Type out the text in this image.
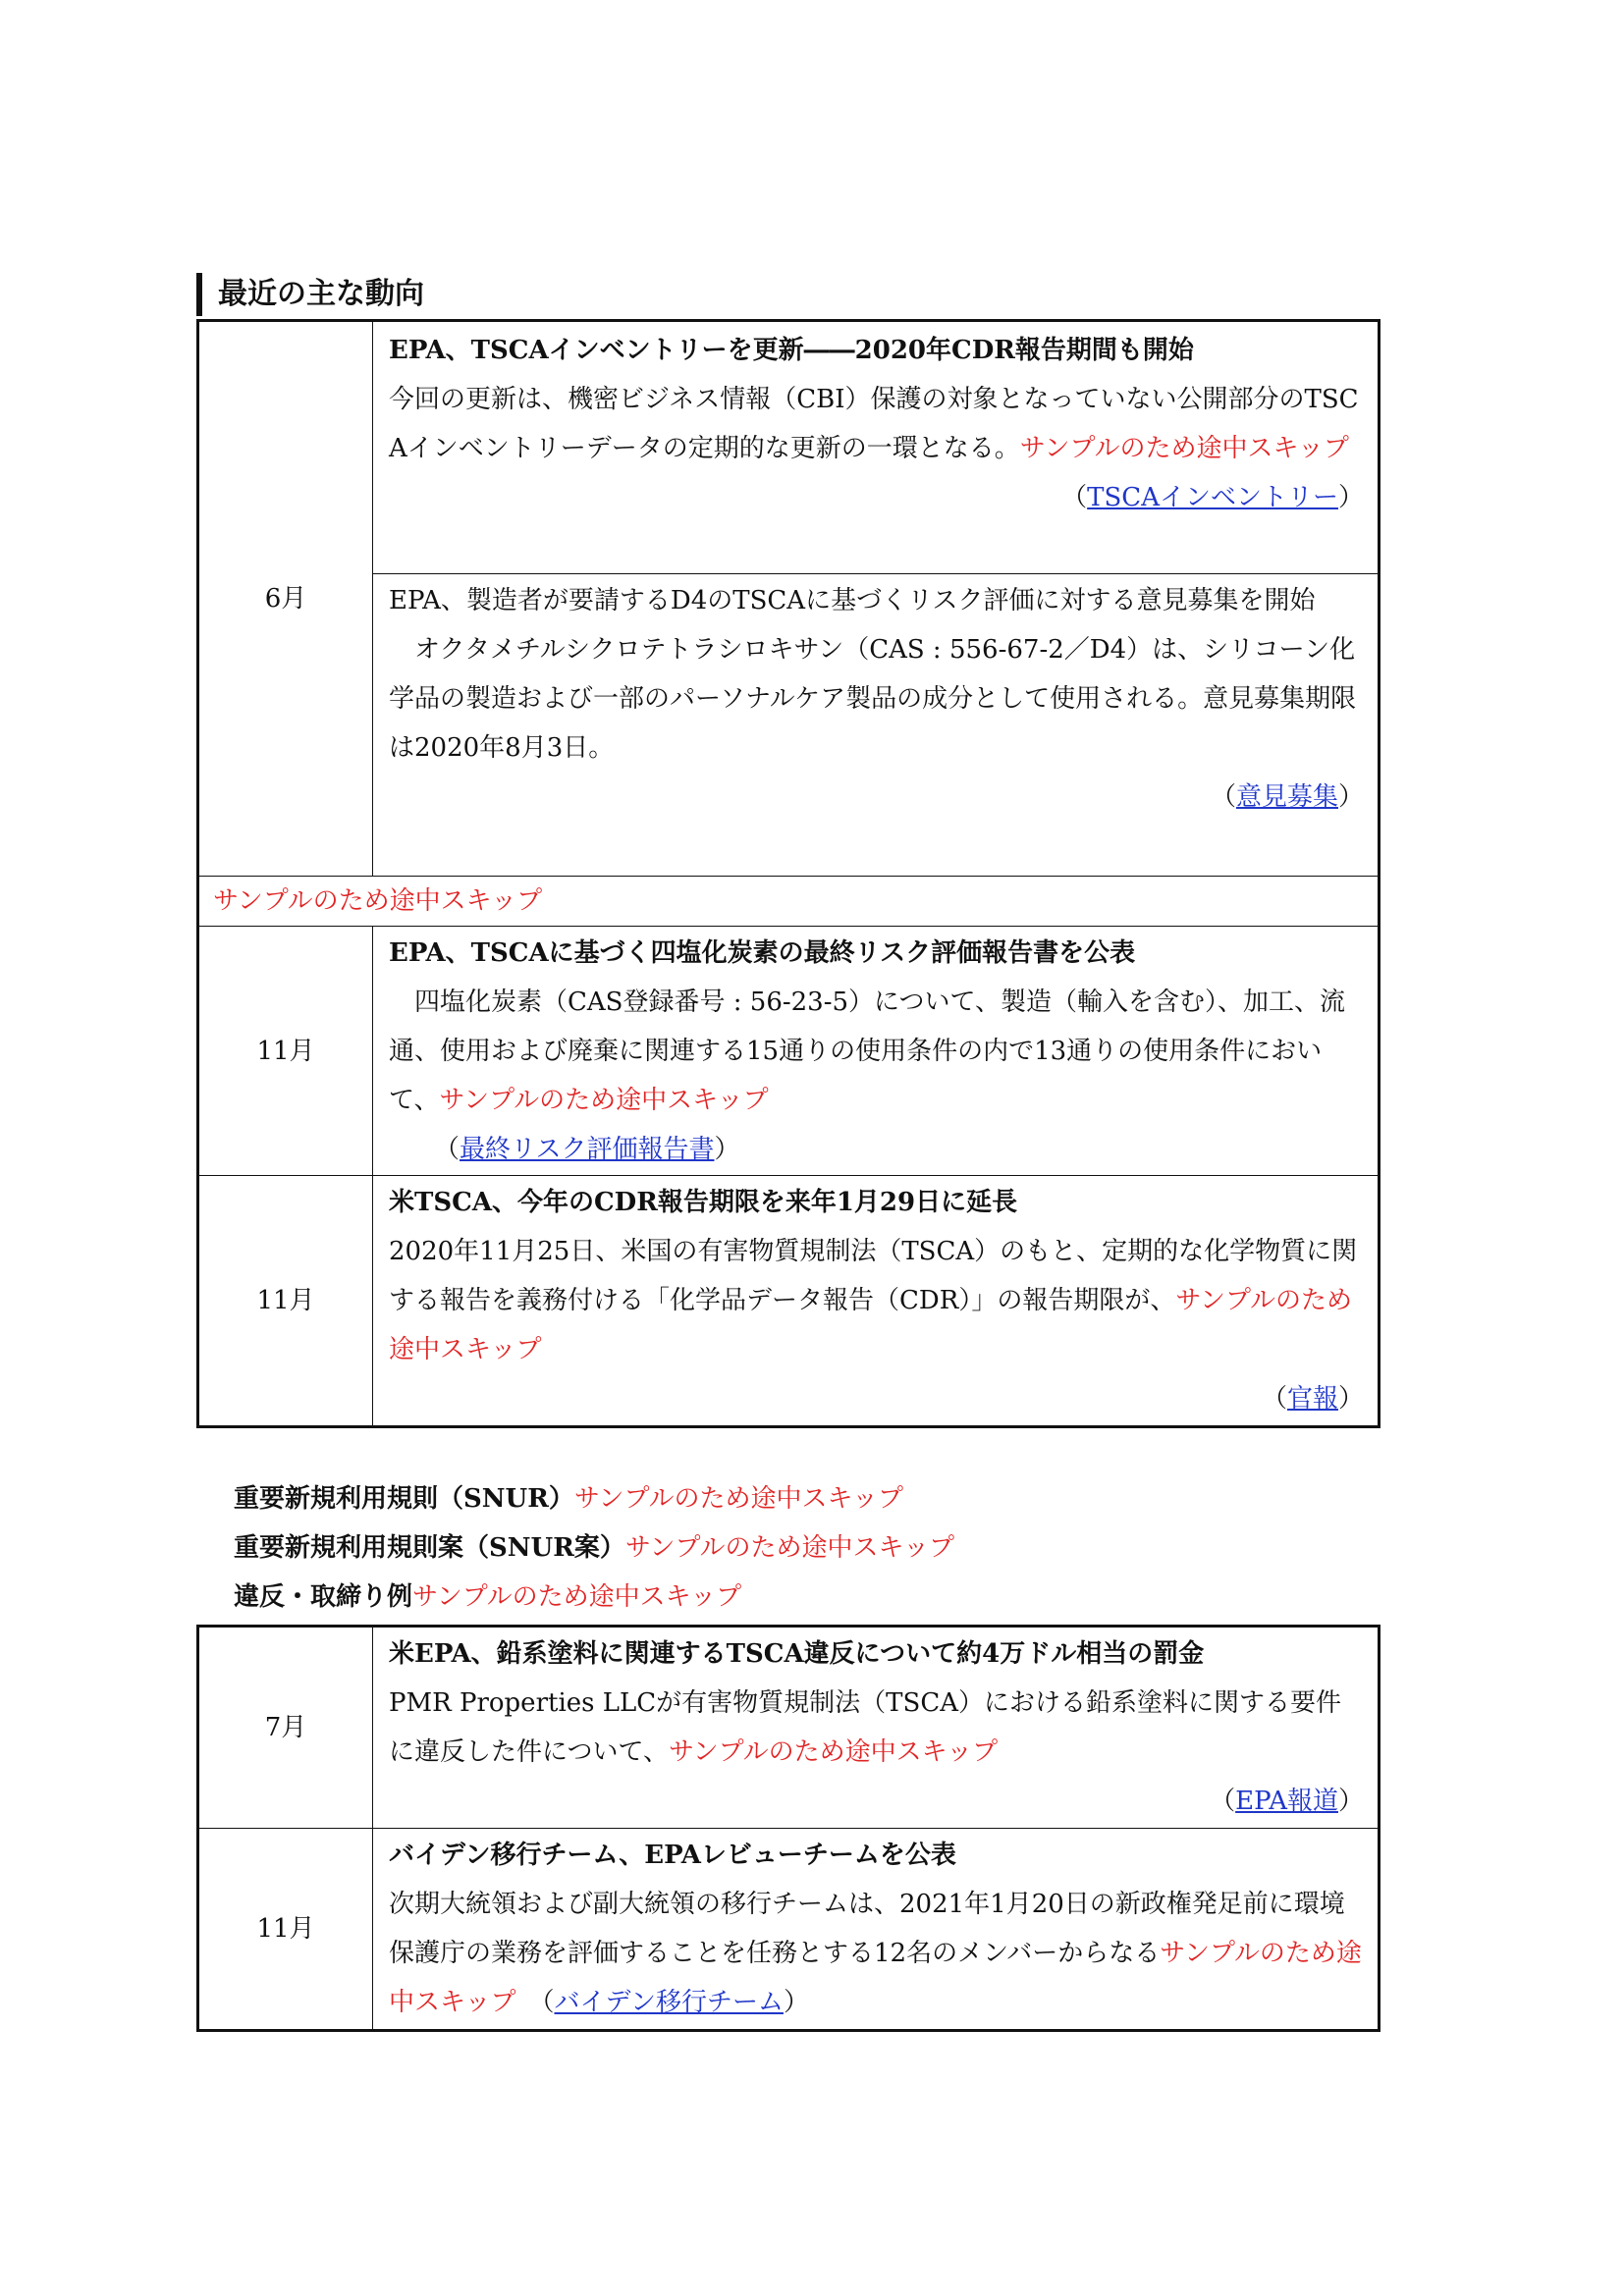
最近の主な動向
6月	EPA、TSCAインベントリーを更新――2020年CDR報告期間も開始
今回の更新は、機密ビジネス情報（CBI）保護の対象となっていない公開部分のTSCAインベントリーデータの定期的な更新の一環となる。サンプルのため途中スキップ
（TSCAインベントリー）

	EPA、製造者が要請するD4のTSCAに基づくリスク評価に対する意見募集を開始
オクタメチルシクロテトラシロキサン（CAS : 556-67-2／D4）は、シリコーン化学品の製造および一部のパーソナルケア製品の成分として使用される。意見募集期限は2020年8月3日。
（意見募集）

サンプルのため途中スキップ	
11月	EPA、TSCAに基づく四塩化炭素の最終リスク評価報告書を公表
四塩化炭素（CAS登録番号 : 56-23-5）について、製造（輸入を含む）、加工、流通、使用および廃棄に関連する15通りの使用条件の内で13通りの使用条件において、サンプルのため途中スキップ
（最終リスク評価報告書）

11月	米TSCA、今年のCDR報告期限を来年1月29日に延長
2020年11月25日、米国の有害物質規制法（TSCA）のもと、定期的な化学物質に関する報告を義務付ける「化学品データ報告（CDR）」の報告期限が、サンプルのため途中スキップ
（官報）
重要新規利用規則（SNUR）サンプルのため途中スキップ
重要新規利用規則案（SNUR案）サンプルのため途中スキップ
違反・取締り例サンプルのため途中スキップ
7月	米EPA、鉛系塗料に関連するTSCA違反について約4万ドル相当の罰金
PMR Properties LLCが有害物質規制法（TSCA）における鉛系塗料に関する要件に違反した件について、サンプルのため途中スキップ
（EPA報道）

11月	バイデン移行チーム、EPAレビューチームを公表
次期大統領および副大統領の移行チームは、2021年1月20日の新政権発足前に環境保護庁の業務を評価することを任務とする12名のメンバーからなるサンプルのため途中スキップ　（バイデン移行チーム）
